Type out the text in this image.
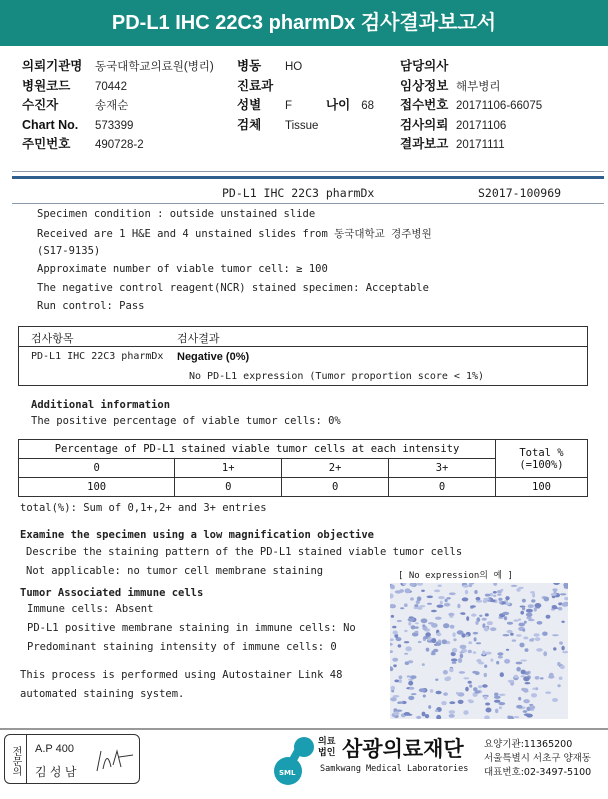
PD-L1 IHC 22C3 pharmDx 검사결과보고서
의뢰기관명 동국대학교의료원(병리)
병원코드 70442
수진자	송재순
Chart No. 573399
주민번호 490728-2
병동 HO
진료과
성별 F
검체 Tissue
나이 68
담당의사
임상정보 해부병리
접수번호 20171106-66075
검사의뢰 20171106
결과보고 20171111
PD-L1 IHC 22C3 pharmDx	S2017-100969
Specimen condition : outside unstained slide
Received are 1 H&E and 4 unstained slides from 동국대학교 경주병원
(S17-9135)
Approximate number of viable tumor cell: ≥ 100
The negative control reagent(NCR) stained specimen: Acceptable
Run control: Pass
검사항목	검사결과
PD-L1 IHC 22C3 pharmDx Negative (0%)
No PD-L1 expression (Tumor proportion score < 1%)
Additional information
The positive percentage of viable tumor cells: 0%
Percentage of PD-L1 stained viable tumor cells at each intensity				Total %
(=100%)
0	1+	2+	3+	
100	0	0	0	100
total(%): Sum of 0,1+,2+ and 3+ entries
Examine the specimen using a low magnification objective
Describe the staining pattern of the PD-L1 stained viable tumor cells
Not applicable: no tumor cell membrane staining
Tumor Associated immune cells
Immune cells: Absent
PD-L1 positive membrane staining in immune cells: No
Predominant staining intensity of immune cells: 0
This process is performed using Autostainer Link 48
automated staining system.
[ No expression의 예 ]
전문의	A.P 400
김 성 남	SML
의료
법인 삼광의료재단
Samkwang Medical Laboratories
요양기관:11365200
서울특별시 서초구 양재동
대표번호:02-3497-5100
